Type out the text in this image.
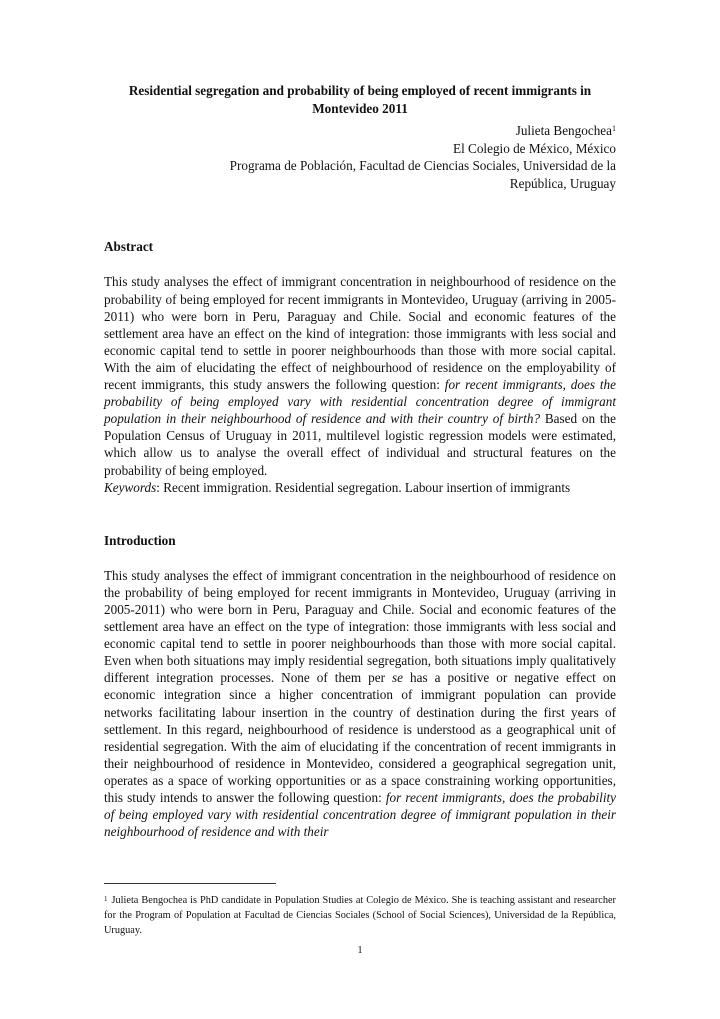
Residential segregation and probability of being employed of recent immigrants in Montevideo 2011

Julieta Bengochea$^1$
El Colegio de México, México
Programa de Población, Facultad de Ciencias Sociales, Universidad de la República, Uruguay

Abstract

This study analyses the effect of immigrant concentration in neighbourhood of residence on the probability of being employed for recent immigrants in Montevideo, Uruguay (arriving in 2005-2011) who were born in Peru, Paraguay and Chile. Social and economic features of the settlement area have an effect on the kind of integration: those immigrants with less social and economic capital tend to settle in poorer neighbourhoods than those with more social capital. With the aim of elucidating the effect of neighbourhood of residence on the employability of recent immigrants, this study answers the following question: for recent immigrants, does the probability of being employed vary with residential concentration degree of immigrant population in their neighbourhood of residence and with their country of birth? Based on the Population Census of Uruguay in 2011, multilevel logistic regression models were estimated, which allow us to analyse the overall effect of individual and structural features on the probability of being employed.

Keywords: Recent immigration. Residential segregation. Labour insertion of immigrants

Introduction

This study analyses the effect of immigrant concentration in the neighbourhood of residence on the probability of being employed for recent immigrants in Montevideo, Uruguay (arriving in 2005-2011) who were born in Peru, Paraguay and Chile. Social and economic features of the settlement area have an effect on the type of integration: those immigrants with less social and economic capital tend to settle in poorer neighbourhoods than those with more social capital. Even when both situations may imply residential segregation, both situations imply qualitatively different integration processes. None of them per se has a positive or negative effect on economic integration since a higher concentration of immigrant population can provide networks facilitating labour insertion in the country of destination during the first years of settlement. In this regard, neighbourhood of residence is understood as a geographical unit of residential segregation. With the aim of elucidating if the concentration of recent immigrants in their neighbourhood of residence in Montevideo, considered a geographical segregation unit, operates as a space of working opportunities or as a space constraining working opportunities, this study intends to answer the following question: for recent immigrants, does the probability of being employed vary with residential concentration degree of immigrant population in their neighbourhood of residence and with their

$^1$ Julieta Bengochea is PhD candidate in Population Studies at Colegio de México. She is teaching assistant and researcher for the Program of Population at Facultad de Ciencias Sociales (School of Social Sciences), Universidad de la República, Uruguay.
1
